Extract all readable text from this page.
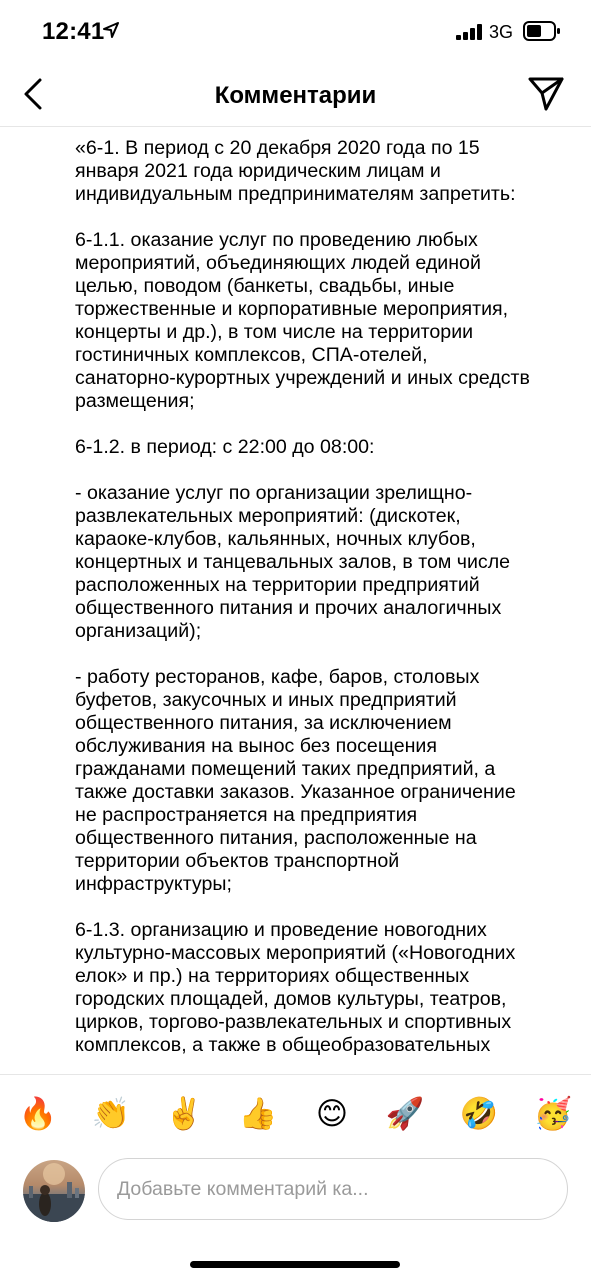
12:41	3G
Комментарии

«6-1. В период с 20 декабря 2020 года по 15
января 2021 года юридическим лицам и
индивидуальным предпринимателям запретить:

6-1.1. оказание услуг по проведению любых
мероприятий, объединяющих людей единой
целью, поводом (банкеты, свадьбы, иные
торжественные и корпоративные мероприятия,
концерты и др.), в том числе на территории
гостиничных комплексов, СПА-отелей,
санаторно-курортных учреждений и иных средств
размещения;

6-1.2. в период: с 22:00 до 08:00:

- оказание услуг по организации зрелищно-
развлекательных мероприятий: (дискотек,
караоке-клубов, кальянных, ночных клубов,
концертных и танцевальных залов, в том числе
расположенных на территории предприятий
общественного питания и прочих аналогичных
организаций);

- работу ресторанов, кафе, баров, столовых
буфетов, закусочных и иных предприятий
общественного питания, за исключением
обслуживания на вынос без посещения
гражданами помещений таких предприятий, а
также доставки заказов. Указанное ограничение
не распространяется на предприятия
общественного питания, расположенные на
территории объектов транспортной
инфраструктуры;

6-1.3. организацию и проведение новогодних
культурно-массовых мероприятий («Новогодних
елок» и пр.) на территориях общественных
городских площадей, домов культуры, театров,
цирков, торгово-развлекательных и спортивных
комплексов, а также в общеобразовательных

🔥 👏 ✌️ 👍 😊 🚀 🤣 🥳
Добавьте комментарий ка...
